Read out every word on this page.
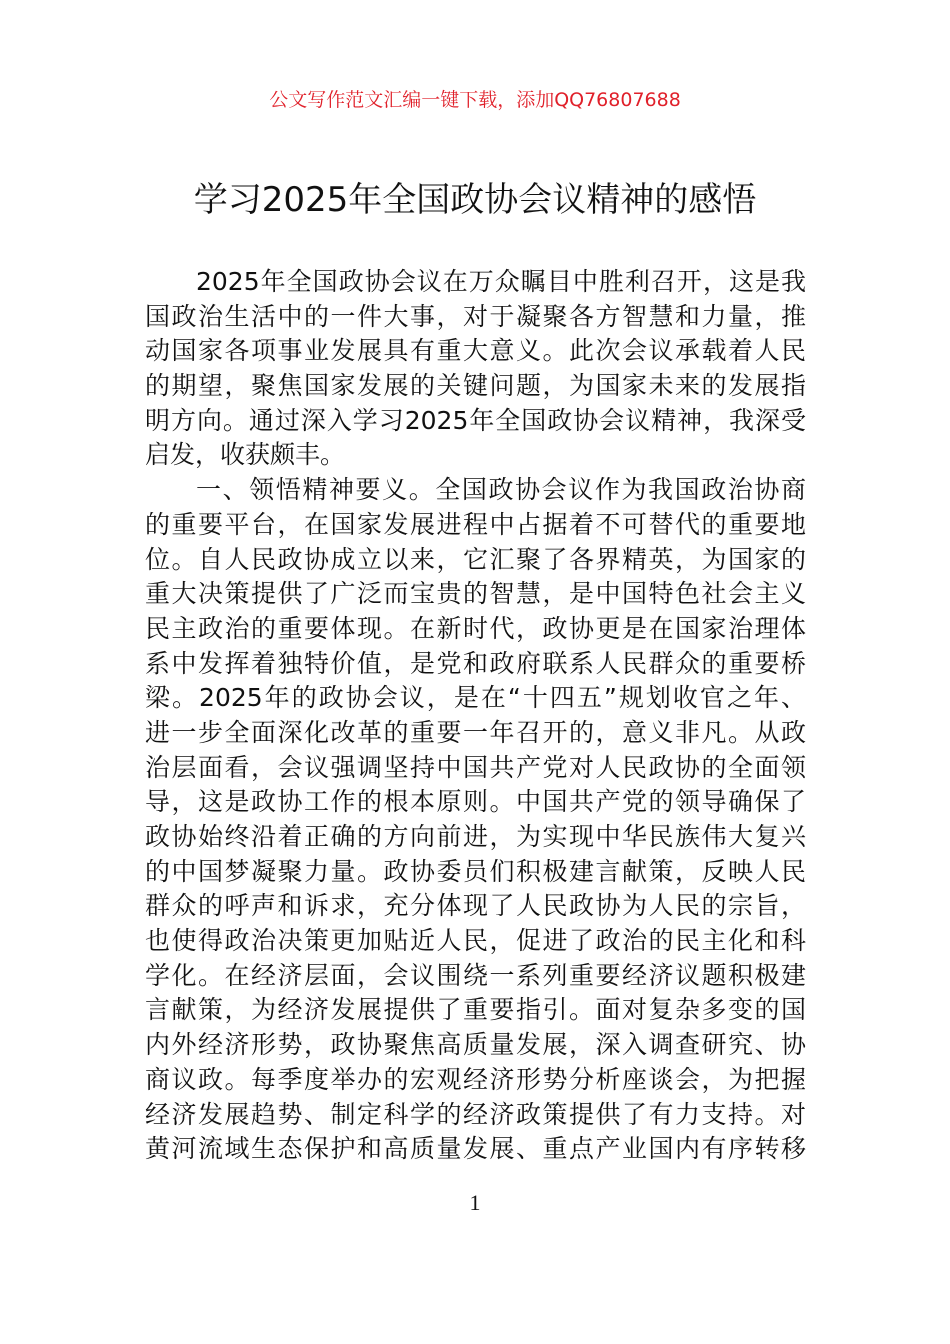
公文写作范文汇编一键下载，添加QQ76807688
学习2025年全国政协会议精神的感悟
2025年全国政协会议在万众瞩目中胜利召开，这是我
国政治生活中的一件大事，对于凝聚各方智慧和力量，推
动国家各项事业发展具有重大意义。此次会议承载着人民
的期望，聚焦国家发展的关键问题，为国家未来的发展指
明方向。通过深入学习2025年全国政协会议精神，我深受
启发，收获颇丰。
一、领悟精神要义。全国政协会议作为我国政治协商
的重要平台，在国家发展进程中占据着不可替代的重要地
位。自人民政协成立以来，它汇聚了各界精英，为国家的
重大决策提供了广泛而宝贵的智慧，是中国特色社会主义
民主政治的重要体现。在新时代，政协更是在国家治理体
系中发挥着独特价值，是党和政府联系人民群众的重要桥
梁。2025年的政协会议，是在“十四五”规划收官之年、
进一步全面深化改革的重要一年召开的，意义非凡。从政
治层面看，会议强调坚持中国共产党对人民政协的全面领
导，这是政协工作的根本原则。中国共产党的领导确保了
政协始终沿着正确的方向前进，为实现中华民族伟大复兴
的中国梦凝聚力量。政协委员们积极建言献策，反映人民
群众的呼声和诉求，充分体现了人民政协为人民的宗旨，
也使得政治决策更加贴近人民，促进了政治的民主化和科
学化。在经济层面，会议围绕一系列重要经济议题积极建
言献策，为经济发展提供了重要指引。面对复杂多变的国
内外经济形势，政协聚焦高质量发展，深入调查研究、协
商议政。每季度举办的宏观经济形势分析座谈会，为把握
经济发展趋势、制定科学的经济政策提供了有力支持。对
黄河流域生态保护和高质量发展、重点产业国内有序转移
1
